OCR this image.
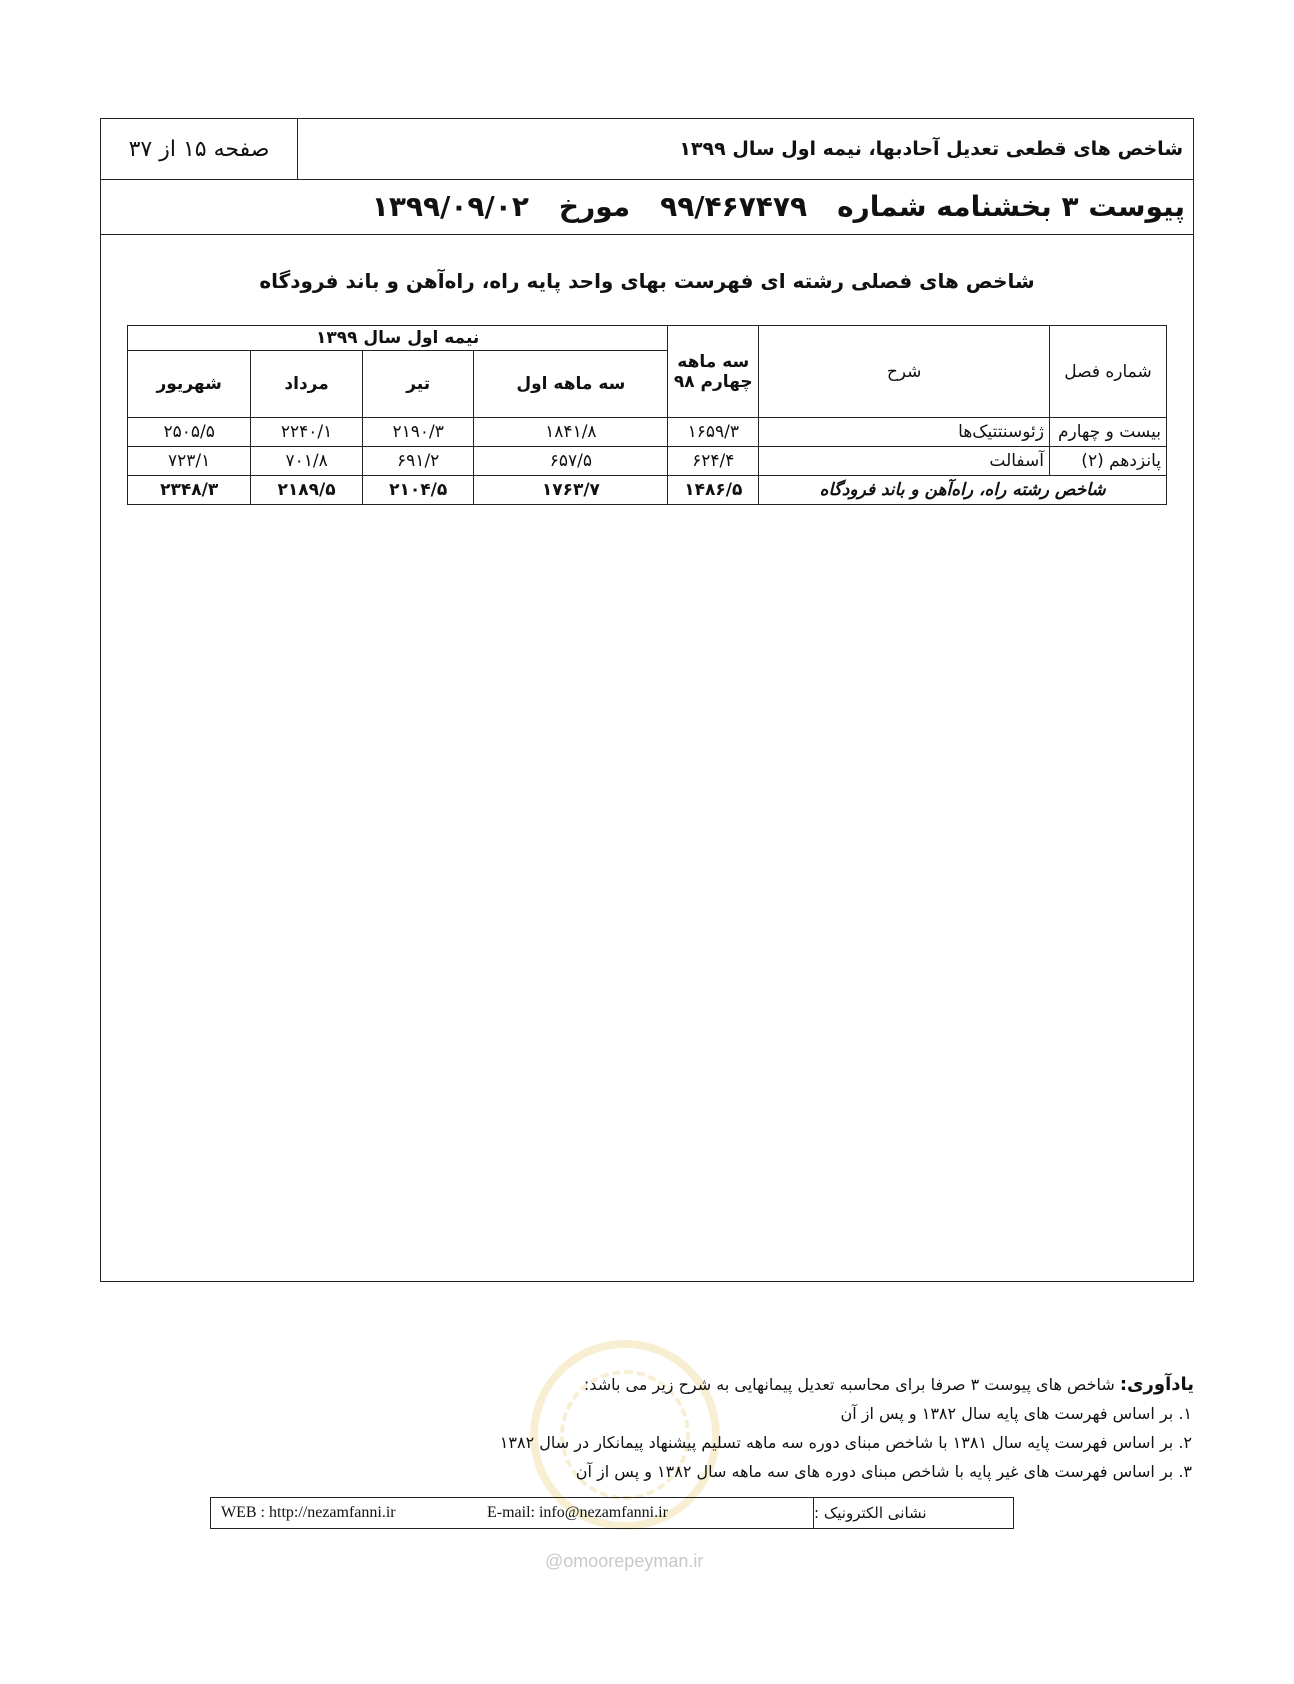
صفحه ۱۵ از ۳۷	شاخص های قطعی تعدیل آحادبها، نیمه اول سال ۱۳۹۹
پیوست ۳ بخشنامه شماره
۹۹/۴۶۷۴۷۹
مورخ
۱۳۹۹/۰۹/۰۲
شاخص های فصلی رشته ای فهرست بهای واحد پایه راه، راه‌آهن و باند فرودگاه
شماره فصل	شرح	سه ماهه چهارم ۹۸	نیمه اول سال ۱۳۹۹			
			سه ماهه اول	تیر	مرداد	شهریور
بیست و چهارم	ژئوسنتتیک‌ها	۱۶۵۹/۳	۱۸۴۱/۸	۲۱۹۰/۳	۲۲۴۰/۱	۲۵۰۵/۵
پانزدهم (۲)	آسفالت	۶۲۴/۴	۶۵۷/۵	۶۹۱/۲	۷۰۱/۸	۷۲۳/۱
شاخص رشته راه، راه‌آهن و باند فرودگاه		۱۴۸۶/۵	۱۷۶۳/۷	۲۱۰۴/۵	۲۱۸۹/۵	۲۳۴۸/۳
یادآوری: شاخص های پیوست ۳ صرفا برای محاسبه تعدیل پیمانهایی به شرح زیر می باشد:
۱. بر اساس فهرست های پایه سال ۱۳۸۲ و پس از آن
۲. بر اساس فهرست پایه سال ۱۳۸۱ با شاخص مبنای دوره سه ماهه تسلیم پیشنهاد پیمانکار در سال ۱۳۸۲
۳. بر اساس فهرست های غیر پایه با شاخص مبنای دوره های سه ماهه سال ۱۳۸۲ و پس از آن
WEB : http://nezamfanni.ir	E-mail: info@nezamfanni.ir	نشانی الکترونیک :
@omoorepeyman.ir
